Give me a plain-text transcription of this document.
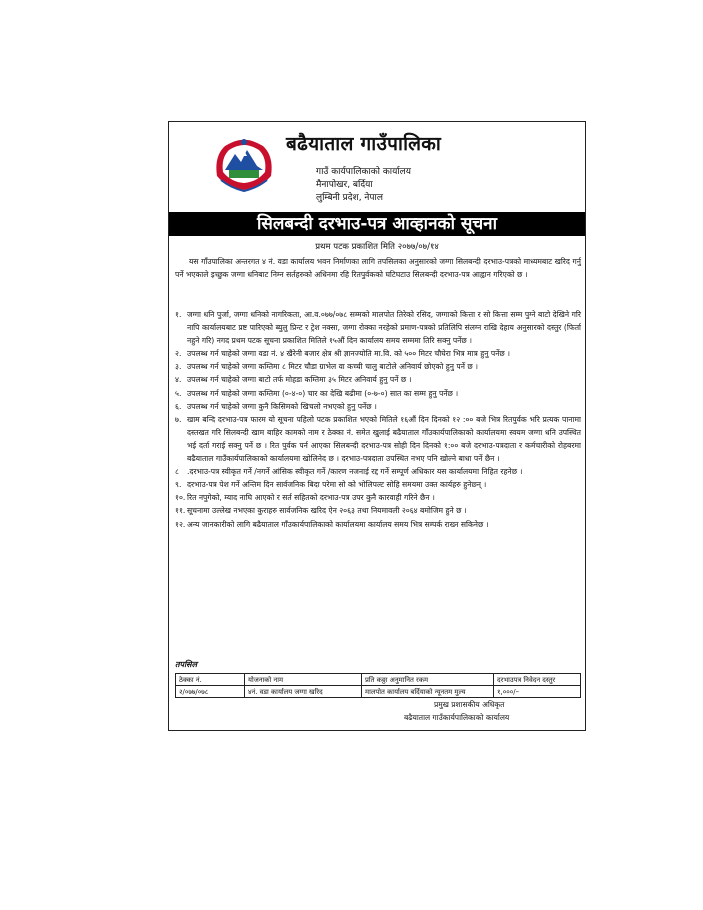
बढैयाताल गाउँपालिका
गाउँ कार्यपालिकाको कार्यालय
मैनापोखर, बर्दिया
लुम्बिनी प्रदेश, नेपाल
सिलबन्दी दरभाउ-पत्र आव्हानको सूचना
प्रथम पटक प्रकाशित मिति २०७७/०७/१४
यस गाँउपालिका अन्तरगत ४ नं. वडा कार्यालय भवन निर्माणका लागि तपसिलका अनुसारको जग्गा सिलबन्दी दरभाउ-पत्रको माध्यमबाट खरिद गर्नु पर्ने भएकाले इच्छुक जग्गा धनिबाट निम्न सर्तहरुको अधिनमा रहि रितपुर्वकको घटिघटाउ सिलबन्दी दरभाउ-पत्र आह्वान गरिएको छ ।
१. जग्गा धनि पुर्जा, जग्गा धनिको नागरिकता, आ.व.०७७/०७८ सम्मको मालपोत तिरेको रसिद, जग्गाको कित्ता र सो कित्ता सम्म पुग्ने बाटो देखिने गरि नापि कार्यालयबाट प्रष्ट पारिएको ब्युलु प्रिन्ट र ट्रेश नक्सा, जग्गा रोक्का नरहेको प्रमाण-पत्रको प्रतिलिपि संलग्न राखि देहाय अनुसारको दस्तुर (फिर्ता नहुने गरि) नगद प्रथम पटक सूचना प्रकाशित मितिले १५औं दिन कार्यालय समय सम्ममा तिरि सक्नु पर्नेछ ।
२. उपलब्ध गर्न चाहेको जग्गा वडा नं. ४ खैरेनी बजार क्षेत्र श्री ज्ञानज्योति मा.वि. को ५०० मिटर चौघेरा भित्र मात्र हुनु पर्नेछ ।
३. उपलब्ध गर्न चाहेको जग्गा कम्तिमा ८ मिटर चौडा ग्राभेल वा कच्ची चालु बाटोले अनिवार्य छोएको हुनु पर्ने छ ।
४. उपलब्ध गर्न चाहेको जग्गा बाटो तर्फ मोहडा कम्तिमा ३५ मिटर अनिवार्य हुनु पर्ने छ ।
५. उपलब्ध गर्न चाहेको जग्गा कम्तिमा (०-४-०) चार का देखि बढीमा (०-७-०) सात का सम्म हुनु पर्नेछ ।
६. उपलब्ध गर्न चाहेको जग्गा कुनै किसिमको खिचलो नभएको हुनु पर्नेछ ।
७. खाम बन्दि दरभाउ-पत्र फारम यो सूचना पहिलो पटक प्रकाशित भएको मितिले १६औं दिन दिनको १२ :०० बजे भित्र रितपुर्वक भरि प्रत्यक पानामा दस्तखत गरि सिलबन्दी खाम बाहिर कामको नाम र ठेक्का नं. समेत खुलाई बढैयाताल गाँउकार्यपालिकाको कार्यालयमा स्वयम जग्गा धनि उपस्थित भई दर्ता गराई सक्नु पर्ने छ । रित पुर्वक पर्न आएका सिलबन्दी दरभाउ-पत्र सोही दिन दिनको १:०० बजे दरभाउ-पत्रदाता र कर्मचारीको रोहबरमा बढैयाताल गाउँकार्यपालिकाको कार्यालयमा खोलिनेद छ । दरभाउ-पत्रदाता उपस्थित नभए पनि खोल्ने बाधा पर्ने छैन ।
८ .दरभाउ-पत्र स्वीकृत गर्ने /नगर्ने आंसिक स्वीकृत गर्ने /कारण नजनाई रद्द गर्ने सम्पूर्ण अधिकार यस कार्यालयमा निहित रहनेछ ।
९. दरभाउ-पत्र पेश गर्ने अन्तिम दिन सार्वजनिक बिदा परेमा सो को भोलिपल्ट सोहि समयमा उक्त कार्यहरु हुनेछ्न् ।
१०. रित नपुगेको, म्याद नाघि आएको र सर्त सहितको दरभाउ-पत्र उपर कुनै कारवाही गरिने छैन ।
११. सूचनामा उल्लेख नभएका कुराहरु सार्वजनिक खरिद ऐन २०६३ तथा नियमावली २०६४ बमोजिम हुने छ ।
१२. अन्य जानकारीको लागि बढैयाताल गाँउकार्यपालिकाको कार्यालयमा कार्यालय समय भित्र सम्पर्क राख्न सकिनेछ ।
तपसिल
ठेक्का नं.	योजनाको नाम	प्रति कठ्ठा अनुमानित रकम	दरभाउपत्र निवेदन दस्तुर
२/०७७/०७८	४नं. वडा कार्यालय जग्गा खरिद	मालपोत कार्यालय बर्दियाको न्यूनतम मुल्य	१,०००/–
प्रमुख प्रशासकीय अधिकृत
बढैयाताल गाउँकार्यपालिकाको कार्यालय
